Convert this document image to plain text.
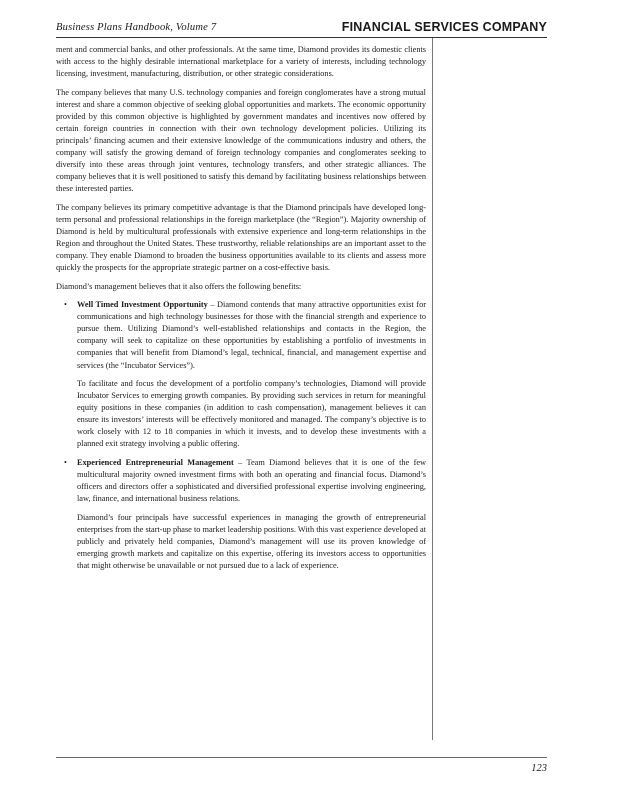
Business Plans Handbook, Volume 7	FINANCIAL SERVICES COMPANY

ment and commercial banks, and other professionals. At the same time, Diamond provides its domestic clients with access to the highly desirable international marketplace for a variety of interests, including technology licensing, investment, manufacturing, distribution, or other strategic considerations.

The company believes that many U.S. technology companies and foreign conglomerates have a strong mutual interest and share a common objective of seeking global opportunities and markets. The economic opportunity provided by this common objective is highlighted by government mandates and incentives now offered by certain foreign countries in connection with their own technology development policies. Utilizing its principals’ financing acumen and their extensive knowledge of the communications industry and others, the company will satisfy the growing demand of foreign technology companies and conglomerates seeking to diversify into these areas through joint ventures, technology transfers, and other strategic alliances. The company believes that it is well positioned to satisfy this demand by facilitating business relationships between these interested parties.

The company believes its primary competitive advantage is that the Diamond principals have developed long-term personal and professional relationships in the foreign marketplace (the “Region”). Majority ownership of Diamond is held by multicultural professionals with extensive experience and long-term relationships in the Region and throughout the United States. These trustworthy, reliable relationships are an important asset to the company. They enable Diamond to broaden the business opportunities available to its clients and assess more quickly the prospects for the appropriate strategic partner on a cost-effective basis.

Diamond’s management believes that it also offers the following benefits:

• Well Timed Investment Opportunity – Diamond contends that many attractive opportunities exist for communications and high technology businesses for those with the financial strength and experience to pursue them. Utilizing Diamond’s well-established relationships and contacts in the Region, the company will seek to capitalize on these opportunities by establishing a portfolio of investments in companies that will benefit from Diamond’s legal, technical, financial, and management expertise and services (the “Incubator Services”).

To facilitate and focus the development of a portfolio company’s technologies, Diamond will provide Incubator Services to emerging growth companies. By providing such services in return for meaningful equity positions in these companies (in addition to cash compensation), management believes it can ensure its investors’ interests will be effectively monitored and managed. The company’s objective is to work closely with 12 to 18 companies in which it invests, and to develop these investments with a planned exit strategy involving a public offering.

• Experienced Entrepreneurial Management – Team Diamond believes that it is one of the few multicultural majority owned investment firms with both an operating and financial focus. Diamond’s officers and directors offer a sophisticated and diversified professional expertise involving engineering, law, finance, and international business relations.

Diamond’s four principals have successful experiences in managing the growth of entrepreneurial enterprises from the start-up phase to market leadership positions. With this vast experience developed at publicly and privately held companies, Diamond’s management will use its proven knowledge of emerging growth markets and capitalize on this expertise, offering its investors access to opportunities that might otherwise be unavailable or not pursued due to a lack of experience.

123
